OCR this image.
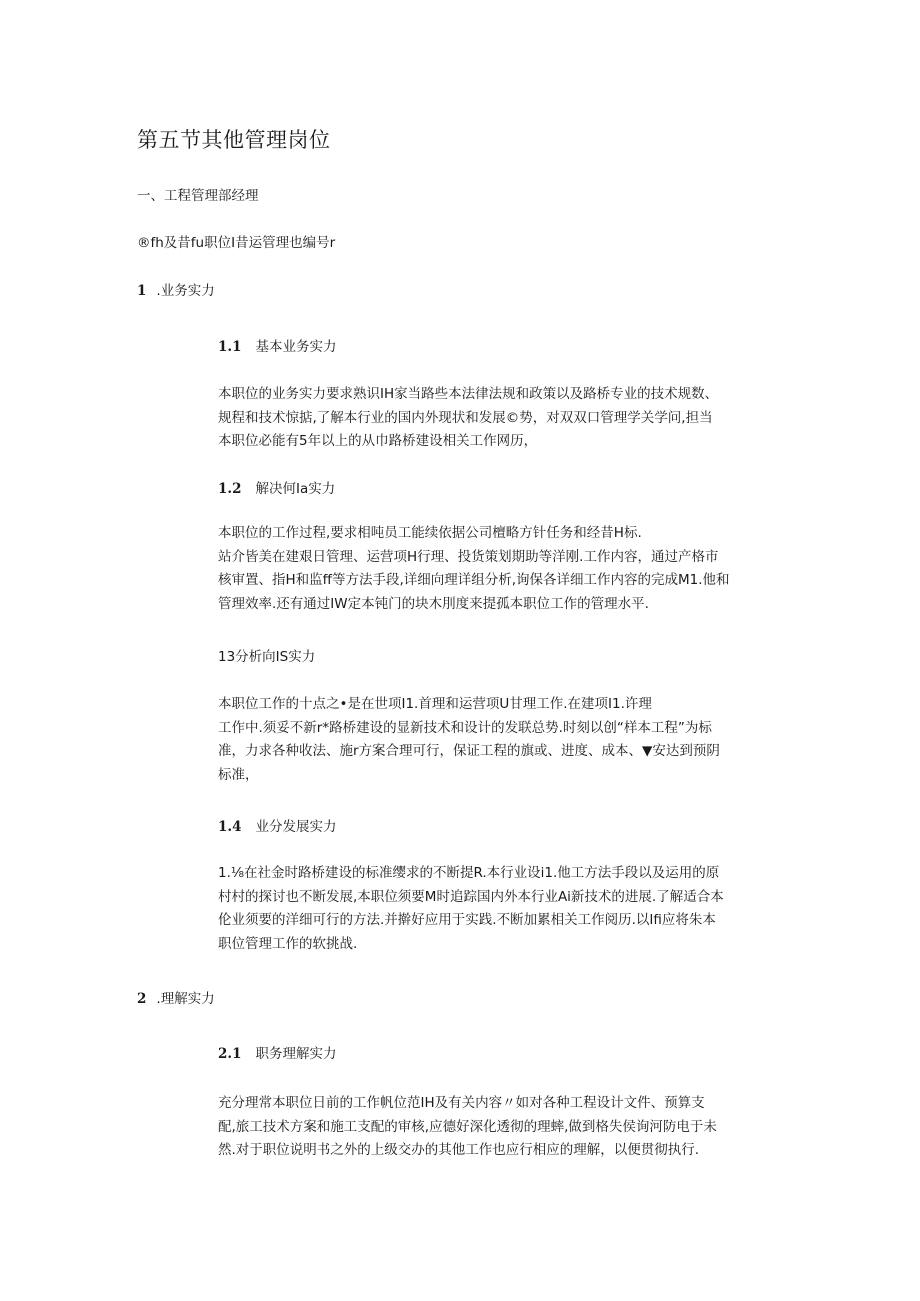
第五节其他管理岗位
一、工程管理部经理
®fh及昔fu职位I昔运管理也编号r
1 .业务实力
1.1 基本业务实力
本职位的业务实力要求熟识IH家当路些本法律法规和政策以及路桥专业的技术规数、
规程和技术惊掂,了解本行业的国内外现状和发展©势，对双双口管理学关学问,担当
本职位必能有5年以上的从巾路桥建设相关工作网历，
1.2 解决何Ia实力
本职位的工作过程,要求相吨员工能续依据公司檀略方针任务和经昔H标.
站介皆美在建艰日管理、运营项H行理、投货策划期助等洋刚.工作内容，通过产格市
核审置、指H和监ff等方法手段,详细向理详组分析,询保各详细工作内容的完成M1.他和
管理效率.还有通过IW定本钝门的块木刖度来提孤本职位工作的管理水平.
13分析向IS实力
本职位工作的十点之•是在世项I1.首理和运营项U甘理工作.在建项I1.许理
工作中.须妥不新r*路桥建设的显新技术和设计的发联总势.时刻以创“样本工程”为标
准，力求各种收法、施r方案合理可行，保证工程的旗或、进度、成本、▼安达到预阴
标准，
1.4 业分发展实力
1.⅛在社金时路桥建设的标准缨求的不断提R.本行业设i1.他工方法手段以及运用的原
村村的探讨也不断发展,本职位须要M时追踪国内外本行业Ai新技术的进展.了解适合本
伦业须要的洋细可行的方法.并擀好应用于实践.不断加累相关工作阅历.以Ifi应将朱本
职位管理工作的软挑战.
2 .理解实力
2.1 职务理解实力
充分理常本职位日前的工作帆位范IH及有关内容〃如对各种工程设计文件、预算支
配,旅工技术方案和施工支配的审核,应德好深化透彻的理蟀,做到格失侯询河防电于未
然.对于职位说明书之外的上级交办的其他工作也应行相应的理解，以便贯彻执行.
